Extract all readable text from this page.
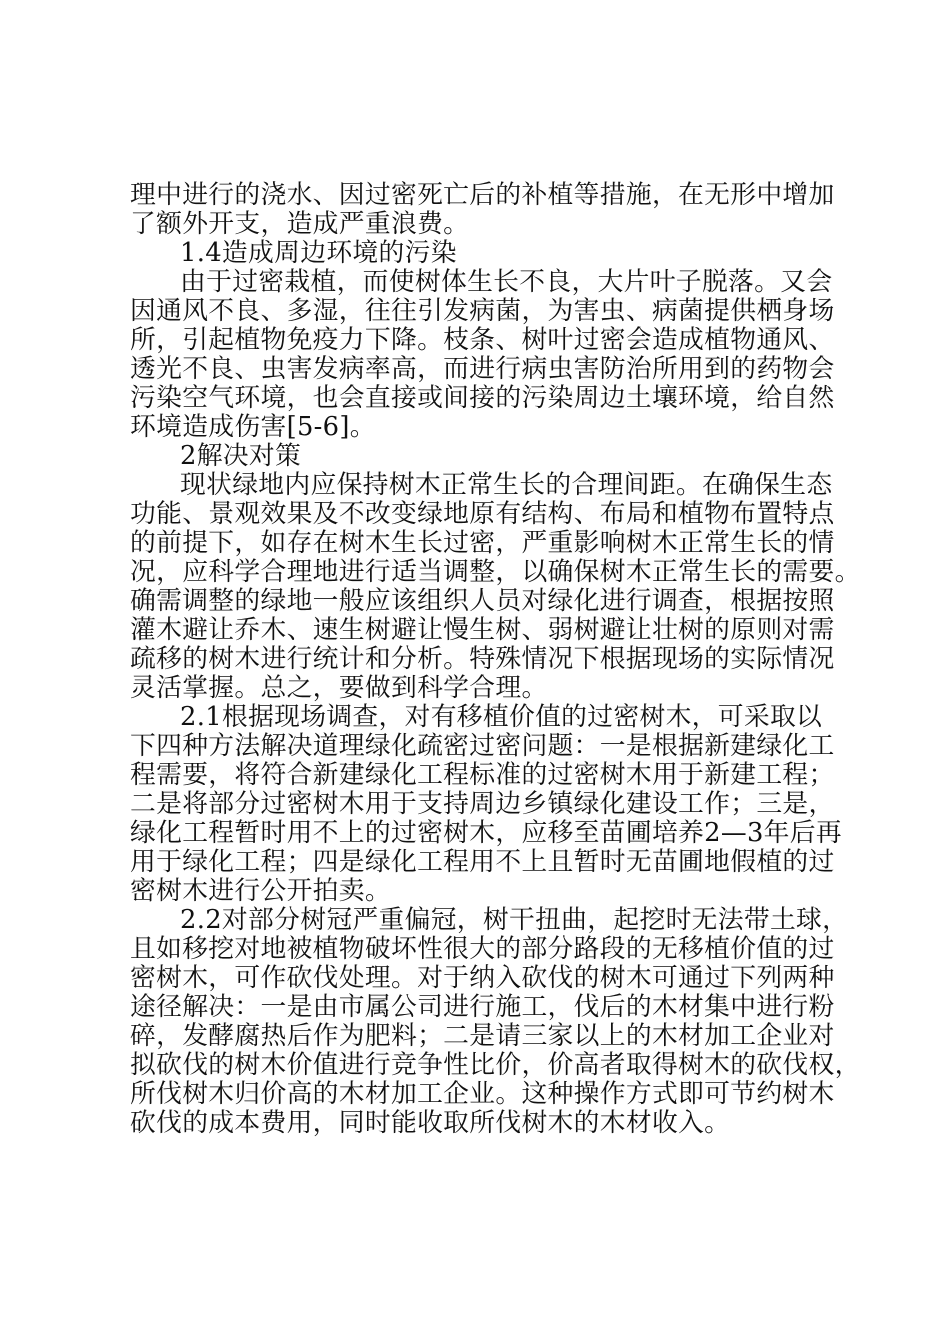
理中进行的浇水、因过密死亡后的补植等措施，在无形中增加

了额外开支，造成严重浪费。

1.4造成周边环境的污染

由于过密栽植，而使树体生长不良，大片叶子脱落。又会

因通风不良、多湿，往往引发病菌，为害虫、病菌提供栖身场

所，引起植物免疫力下降。枝条、树叶过密会造成植物通风、

透光不良、虫害发病率高，而进行病虫害防治所用到的药物会

污染空气环境，也会直接或间接的污染周边土壤环境，给自然

环境造成伤害[5-6]。

2解决对策

现状绿地内应保持树木正常生长的合理间距。在确保生态

功能、景观效果及不改变绿地原有结构、布局和植物布置特点

的前提下，如存在树木生长过密，严重影响树木正常生长的情

况，应科学合理地进行适当调整，以确保树木正常生长的需要。

确需调整的绿地一般应该组织人员对绿化进行调查，根据按照

灌木避让乔木、速生树避让慢生树、弱树避让壮树的原则对需

疏移的树木进行统计和分析。特殊情况下根据现场的实际情况

灵活掌握。总之，要做到科学合理。

2.1根据现场调查，对有移植价值的过密树木，可采取以

下四种方法解决道理绿化疏密过密问题：一是根据新建绿化工

程需要，将符合新建绿化工程标准的过密树木用于新建工程；

二是将部分过密树木用于支持周边乡镇绿化建设工作；三是，

绿化工程暂时用不上的过密树木，应移至苗圃培养2—3年后再

用于绿化工程；四是绿化工程用不上且暂时无苗圃地假植的过

密树木进行公开拍卖。

2.2对部分树冠严重偏冠，树干扭曲，起挖时无法带土球，

且如移挖对地被植物破坏性很大的部分路段的无移植价值的过

密树木，可作砍伐处理。对于纳入砍伐的树木可通过下列两种

途径解决：一是由市属公司进行施工，伐后的木材集中进行粉

碎，发酵腐热后作为肥料；二是请三家以上的木材加工企业对

拟砍伐的树木价值进行竞争性比价，价高者取得树木的砍伐权，

所伐树木归价高的木材加工企业。这种操作方式即可节约树木

砍伐的成本费用，同时能收取所伐树木的木材收入。
